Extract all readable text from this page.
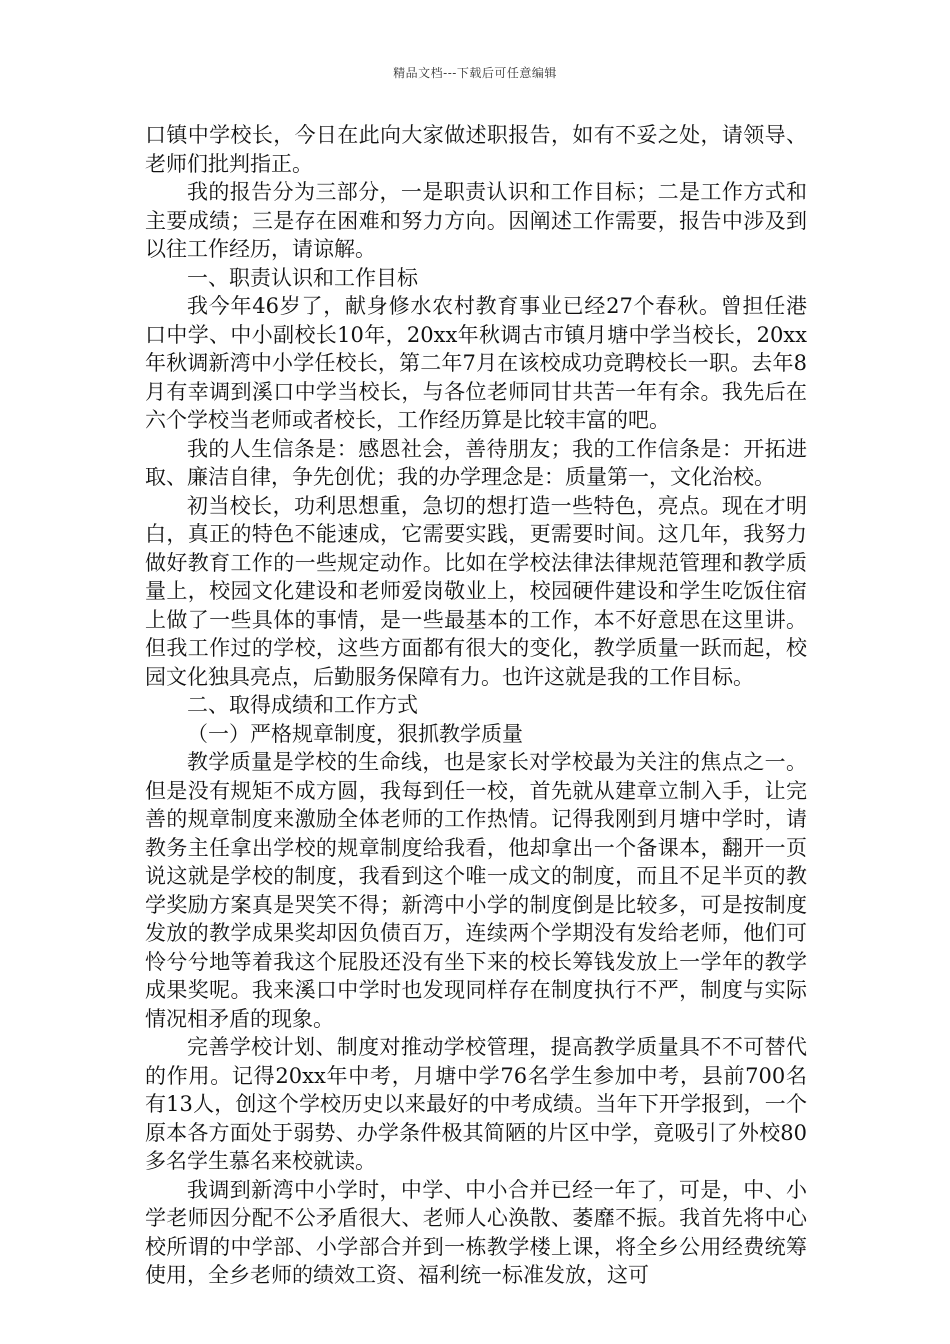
精品文档---下载后可任意编辑

口镇中学校长，今日在此向大家做述职报告，如有不妥之处，请领导、老师们批判指正。

我的报告分为三部分，一是职责认识和工作目标；二是工作方式和主要成绩；三是存在困难和努力方向。因阐述工作需要，报告中涉及到以往工作经历，请谅解。

一、职责认识和工作目标

我今年46岁了，献身修水农村教育事业已经27个春秋。曾担任港口中学、中小副校长10年，20xx年秋调古市镇月塘中学当校长，20xx年秋调新湾中小学任校长，第二年7月在该校成功竞聘校长一职。去年8月有幸调到溪口中学当校长，与各位老师同甘共苦一年有余。我先后在六个学校当老师或者校长，工作经历算是比较丰富的吧。

我的人生信条是：感恩社会，善待朋友；我的工作信条是：开拓进取、廉洁自律，争先创优；我的办学理念是：质量第一，文化治校。

初当校长，功利思想重，急切的想打造一些特色，亮点。现在才明白，真正的特色不能速成，它需要实践，更需要时间。这几年，我努力做好教育工作的一些规定动作。比如在学校法律法律规范管理和教学质量上，校园文化建设和老师爱岗敬业上，校园硬件建设和学生吃饭住宿上做了一些具体的事情，是一些最基本的工作，本不好意思在这里讲。但我工作过的学校，这些方面都有很大的变化，教学质量一跃而起，校园文化独具亮点，后勤服务保障有力。也许这就是我的工作目标。

二、取得成绩和工作方式

（一）严格规章制度，狠抓教学质量

教学质量是学校的生命线，也是家长对学校最为关注的焦点之一。但是没有规矩不成方圆，我每到任一校，首先就从建章立制入手，让完善的规章制度来激励全体老师的工作热情。记得我刚到月塘中学时，请教务主任拿出学校的规章制度给我看，他却拿出一个备课本，翻开一页说这就是学校的制度，我看到这个唯一成文的制度，而且不足半页的教学奖励方案真是哭笑不得；新湾中小学的制度倒是比较多，可是按制度发放的教学成果奖却因负债百万，连续两个学期没有发给老师，他们可怜兮兮地等着我这个屁股还没有坐下来的校长筹钱发放上一学年的教学成果奖呢。我来溪口中学时也发现同样存在制度执行不严，制度与实际情况相矛盾的现象。

完善学校计划、制度对推动学校管理，提高教学质量具不不可替代的作用。记得20xx年中考，月塘中学76名学生参加中考，县前700名有13人，创这个学校历史以来最好的中考成绩。当年下开学报到，一个原本各方面处于弱势、办学条件极其简陋的片区中学，竟吸引了外校80多名学生慕名来校就读。

我调到新湾中小学时，中学、中小合并已经一年了，可是，中、小学老师因分配不公矛盾很大、老师人心涣散、萎靡不振。我首先将中心校所谓的中学部、小学部合并到一栋教学楼上课，将全乡公用经费统筹使用，全乡老师的绩效工资、福利统一标准发放，这可
